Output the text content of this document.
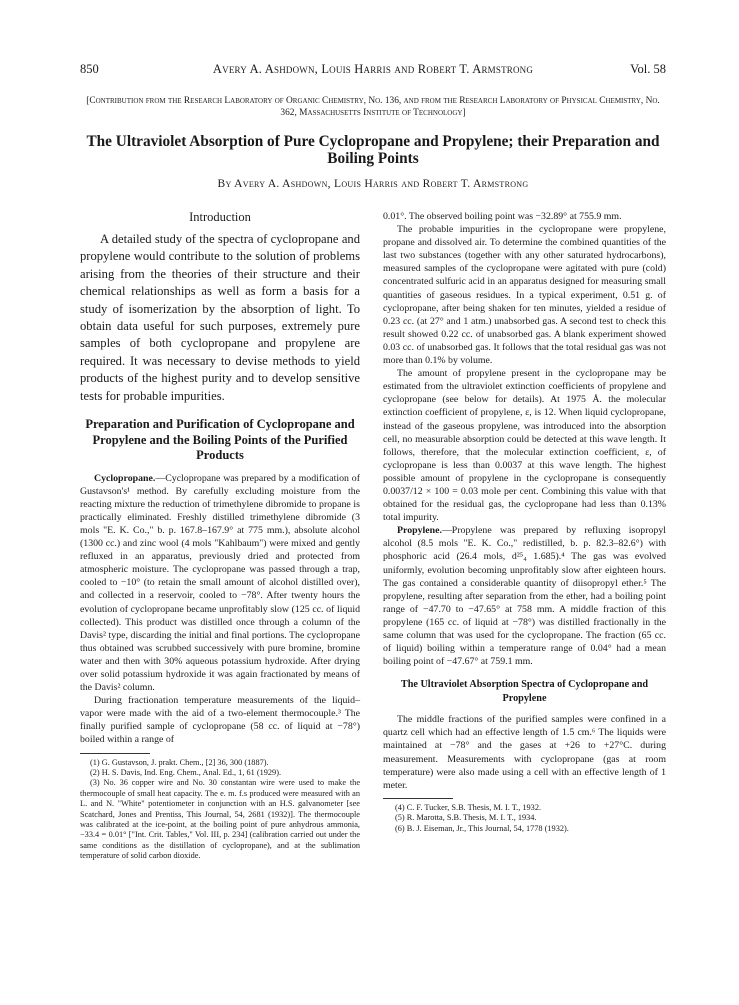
850	Avery A. Ashdown, Louis Harris and Robert T. Armstrong	Vol. 58
[Contribution from the Research Laboratory of Organic Chemistry, No. 136, and from the Research Laboratory of Physical Chemistry, No. 362, Massachusetts Institute of Technology]
The Ultraviolet Absorption of Pure Cyclopropane and Propylene; their Preparation and Boiling Points
By Avery A. Ashdown, Louis Harris and Robert T. Armstrong
Introduction

A detailed study of the spectra of cyclopropane and propylene would contribute to the solution of problems arising from the theories of their structure and their chemical relationships as well as form a basis for a study of isomerization by the absorption of light. To obtain data useful for such purposes, extremely pure samples of both cyclopropane and propylene are required. It was necessary to devise methods to yield products of the highest purity and to develop sensitive tests for probable impurities.

Preparation and Purification of Cyclopropane and Propylene and the Boiling Points of the Purified Products

Cyclopropane.—Cyclopropane was prepared by a modification of Gustavson's¹ method. By carefully excluding moisture from the reacting mixture the reduction of trimethylene dibromide to propane is practically eliminated. Freshly distilled trimethylene dibromide (3 mols "E. K. Co.," b. p. 167.8–167.9° at 775 mm.), absolute alcohol (1300 cc.) and zinc wool (4 mols "Kahlbaum") were mixed and gently refluxed in an apparatus, previously dried and protected from atmospheric moisture. The cyclopropane was passed through a trap, cooled to −10° (to retain the small amount of alcohol distilled over), and collected in a reservoir, cooled to −78°. After twenty hours the evolution of cyclopropane became unprofitably slow (125 cc. of liquid collected). This product was distilled once through a column of the Davis² type, discarding the initial and final portions. The cyclopropane thus obtained was scrubbed successively with pure bromine, bromine water and then with 30% aqueous potassium hydroxide. After drying over solid potassium hydroxide it was again fractionated by means of the Davis² column.

During fractionation temperature measurements of the liquid–vapor were made with the aid of a two-element thermocouple.³ The finally purified sample of cyclopropane (58 cc. of liquid at −78°) boiled within a range of

(1) G. Gustavson, J. prakt. Chem., [2] 36, 300 (1887).

(2) H. S. Davis, Ind. Eng. Chem., Anal. Ed., 1, 61 (1929).

(3) No. 36 copper wire and No. 30 constantan wire were used to make the thermocouple of small heat capacity. The e. m. f.s produced were measured with an L. and N. "White" potentiometer in conjunction with an H.S. galvanometer [see Scatchard, Jones and Prentiss, This Journal, 54, 2681 (1932)]. The thermocouple was calibrated at the ice-point, at the boiling point of pure anhydrous ammonia, −33.4 = 0.01° ["Int. Crit. Tables," Vol. III, p. 234] (calibration carried out under the same conditions as the distillation of cyclopropane), and at the sublimation temperature of solid carbon dioxide.

0.01°. The observed boiling point was −32.89° at 755.9 mm.

The probable impurities in the cyclopropane were propylene, propane and dissolved air. To determine the combined quantities of the last two substances (together with any other saturated hydrocarbons), measured samples of the cyclopropane were agitated with pure (cold) concentrated sulfuric acid in an apparatus designed for measuring small quantities of gaseous residues. In a typical experiment, 0.51 g. of cyclopropane, after being shaken for ten minutes, yielded a residue of 0.23 cc. (at 27° and 1 atm.) unabsorbed gas. A second test to check this result showed 0.22 cc. of unabsorbed gas. A blank experiment showed 0.03 cc. of unabsorbed gas. It follows that the total residual gas was not more than 0.1% by volume.

The amount of propylene present in the cyclopropane may be estimated from the ultraviolet extinction coefficients of propylene and cyclopropane (see below for details). At 1975 Å. the molecular extinction coefficient of propylene, ε, is 12. When liquid cyclopropane, instead of the gaseous propylene, was introduced into the absorption cell, no measurable absorption could be detected at this wave length. It follows, therefore, that the molecular extinction coefficient, ε, of cyclopropane is less than 0.0037 at this wave length. The highest possible amount of propylene in the cyclopropane is consequently 0.0037/12 × 100 = 0.03 mole per cent. Combining this value with that obtained for the residual gas, the cyclopropane had less than 0.13% total impurity.

Propylene.—Propylene was prepared by refluxing isopropyl alcohol (8.5 mols "E. K. Co.," redistilled, b. p. 82.3–82.6°) with phosphoric acid (26.4 mols, d²⁵₄ 1.685).⁴ The gas was evolved uniformly, evolution becoming unprofitably slow after eighteen hours. The gas contained a considerable quantity of diisopropyl ether.⁵ The propylene, resulting after separation from the ether, had a boiling point range of −47.70 to −47.65° at 758 mm. A middle fraction of this propylene (165 cc. of liquid at −78°) was distilled fractionally in the same column that was used for the cyclopropane. The fraction (65 cc. of liquid) boiling within a temperature range of 0.04° had a mean boiling point of −47.67° at 759.1 mm.

The Ultraviolet Absorption Spectra of Cyclopropane and Propylene

The middle fractions of the purified samples were confined in a quartz cell which had an effective length of 1.5 cm.⁶ The liquids were maintained at −78° and the gases at +26 to +27°C. during measurement. Measurements with cyclopropane (gas at room temperature) were also made using a cell with an effective length of 1 meter.

(4) C. F. Tucker, S.B. Thesis, M. I. T., 1932.

(5) R. Marotta, S.B. Thesis, M. I. T., 1934.

(6) B. J. Eiseman, Jr., This Journal, 54, 1778 (1932).
